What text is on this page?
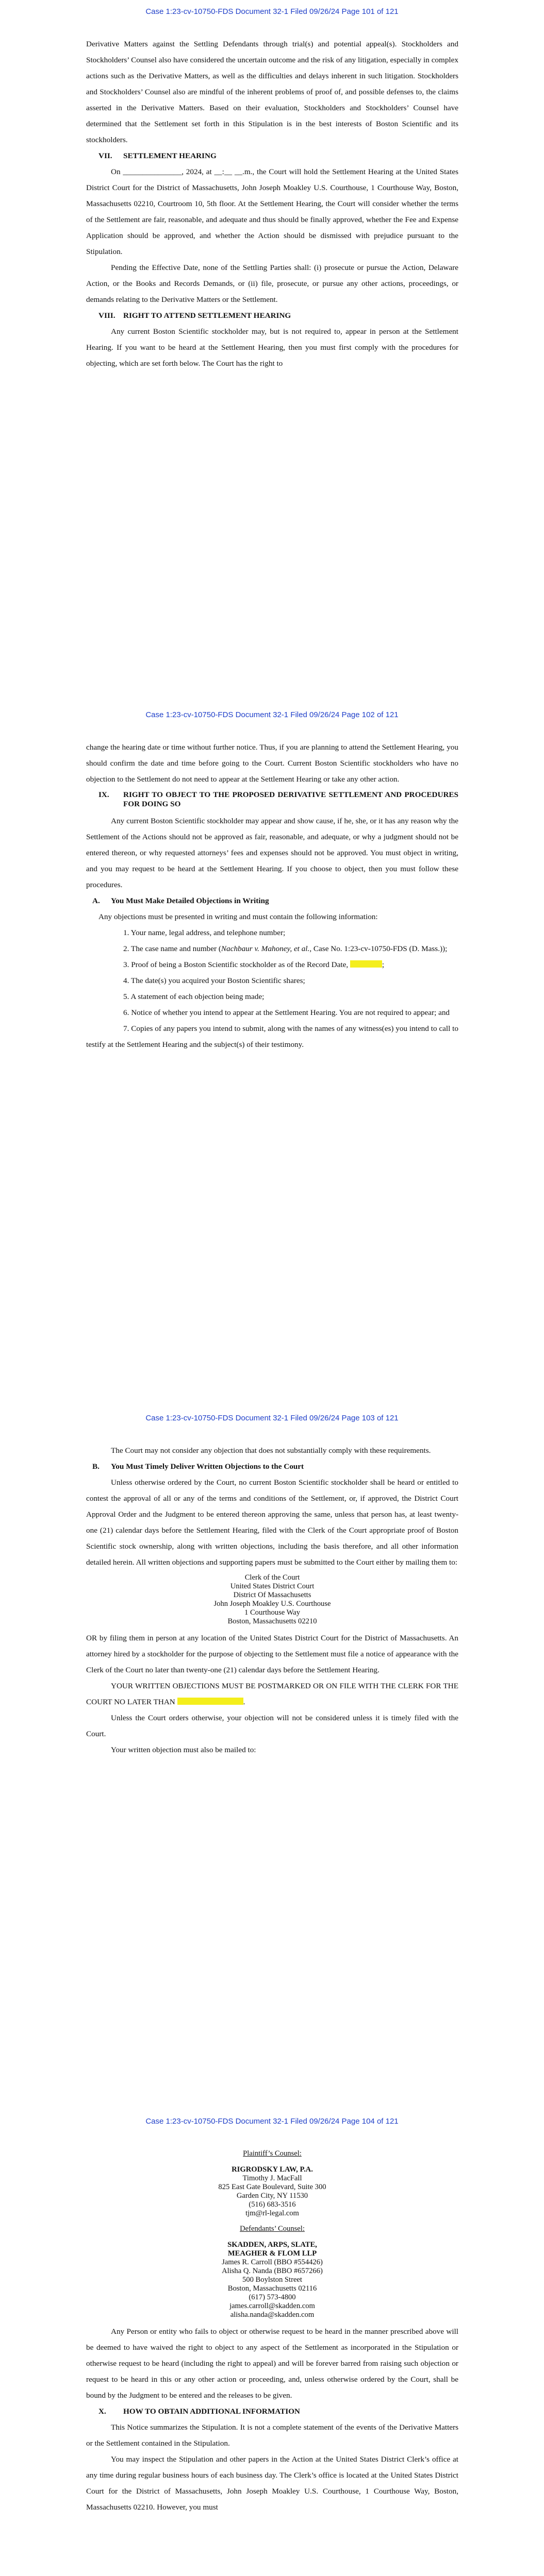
Case 1:23-cv-10750-FDS Document 32-1 Filed 09/26/24 Page 101 of 121

Derivative Matters against the Settling Defendants through trial(s) and potential appeal(s). Stockholders and Stockholders’ Counsel also have considered the uncertain outcome and the risk of any litigation, especially in complex actions such as the Derivative Matters, as well as the difficulties and delays inherent in such litigation. Stockholders and Stockholders’ Counsel also are mindful of the inherent problems of proof of, and possible defenses to, the claims asserted in the Derivative Matters. Based on their evaluation, Stockholders and Stockholders’ Counsel have determined that the Settlement set forth in this Stipulation is in the best interests of Boston Scientific and its stockholders.

VII. SETTLEMENT HEARING

On _______________, 2024, at __:__ __.m., the Court will hold the Settlement Hearing at the United States District Court for the District of Massachusetts, John Joseph Moakley U.S. Courthouse, 1 Courthouse Way, Boston, Massachusetts 02210, Courtroom 10, 5th floor. At the Settlement Hearing, the Court will consider whether the terms of the Settlement are fair, reasonable, and adequate and thus should be finally approved, whether the Fee and Expense Application should be approved, and whether the Action should be dismissed with prejudice pursuant to the Stipulation.

Pending the Effective Date, none of the Settling Parties shall: (i) prosecute or pursue the Action, Delaware Action, or the Books and Records Demands, or (ii) file, prosecute, or pursue any other actions, proceedings, or demands relating to the Derivative Matters or the Settlement.

VIII. RIGHT TO ATTEND SETTLEMENT HEARING

Any current Boston Scientific stockholder may, but is not required to, appear in person at the Settlement Hearing. If you want to be heard at the Settlement Hearing, then you must first comply with the procedures for objecting, which are set forth below. The Court has the right to

Case 1:23-cv-10750-FDS Document 32-1 Filed 09/26/24 Page 102 of 121

change the hearing date or time without further notice. Thus, if you are planning to attend the Settlement Hearing, you should confirm the date and time before going to the Court. Current Boston Scientific stockholders who have no objection to the Settlement do not need to appear at the Settlement Hearing or take any other action.

IX. RIGHT TO OBJECT TO THE PROPOSED DERIVATIVE SETTLEMENT AND PROCEDURES FOR DOING SO

Any current Boston Scientific stockholder may appear and show cause, if he, she, or it has any reason why the Settlement of the Actions should not be approved as fair, reasonable, and adequate, or why a judgment should not be entered thereon, or why requested attorneys’ fees and expenses should not be approved. You must object in writing, and you may request to be heard at the Settlement Hearing. If you choose to object, then you must follow these procedures.

A. You Must Make Detailed Objections in Writing

Any objections must be presented in writing and must contain the following information:

1. Your name, legal address, and telephone number;

2. The case name and number (Nachbaur v. Mahoney, et al., Case No. 1:23-cv-10750-FDS (D. Mass.));

3. Proof of being a Boston Scientific stockholder as of the Record Date,	;

4. The date(s) you acquired your Boston Scientific shares;

5. A statement of each objection being made;

6. Notice of whether you intend to appear at the Settlement Hearing. You are not required to appear; and

7. Copies of any papers you intend to submit, along with the names of any witness(es) you intend to call to testify at the Settlement Hearing and the subject(s) of their testimony.

Case 1:23-cv-10750-FDS Document 32-1 Filed 09/26/24 Page 103 of 121

The Court may not consider any objection that does not substantially comply with these requirements.

B. You Must Timely Deliver Written Objections to the Court

Unless otherwise ordered by the Court, no current Boston Scientific stockholder shall be heard or entitled to contest the approval of all or any of the terms and conditions of the Settlement, or, if approved, the District Court Approval Order and the Judgment to be entered thereon approving the same, unless that person has, at least twenty-one (21) calendar days before the Settlement Hearing, filed with the Clerk of the Court appropriate proof of Boston Scientific stock ownership, along with written objections, including the basis therefore, and all other information detailed herein. All written objections and supporting papers must be submitted to the Court either by mailing them to:

Clerk of the Court
United States District Court
District Of Massachusetts
John Joseph Moakley U.S. Courthouse
1 Courthouse Way
Boston, Massachusetts 02210

OR by filing them in person at any location of the United States District Court for the District of Massachusetts. An attorney hired by a stockholder for the purpose of objecting to the Settlement must file a notice of appearance with the Clerk of the Court no later than twenty-one (21) calendar days before the Settlement Hearing.

YOUR WRITTEN OBJECTIONS MUST BE POSTMARKED OR ON FILE WITH THE CLERK FOR THE COURT NO LATER THAN	.

Unless the Court orders otherwise, your objection will not be considered unless it is timely filed with the Court.

Your written objection must also be mailed to:

Case 1:23-cv-10750-FDS Document 32-1 Filed 09/26/24 Page 104 of 121
Plaintiff’s Counsel:
RIGRODSKY LAW, P.A.
Timothy J. MacFall
825 East Gate Boulevard, Suite 300
Garden City, NY 11530
(516) 683-3516
tjm@rl-legal.com
Defendants’ Counsel:
SKADDEN, ARPS, SLATE,
MEAGHER & FLOM LLP
James R. Carroll (BBO #554426)
Alisha Q. Nanda (BBO #657266)
500 Boylston Street
Boston, Massachusetts 02116
(617) 573-4800
james.carroll@skadden.com
alisha.nanda@skadden.com

Any Person or entity who fails to object or otherwise request to be heard in the manner prescribed above will be deemed to have waived the right to object to any aspect of the Settlement as incorporated in the Stipulation or otherwise request to be heard (including the right to appeal) and will be forever barred from raising such objection or request to be heard in this or any other action or proceeding, and, unless otherwise ordered by the Court, shall be bound by the Judgment to be entered and the releases to be given.

X. HOW TO OBTAIN ADDITIONAL INFORMATION

This Notice summarizes the Stipulation. It is not a complete statement of the events of the Derivative Matters or the Settlement contained in the Stipulation.

You may inspect the Stipulation and other papers in the Action at the United States District Clerk’s office at any time during regular business hours of each business day. The Clerk’s office is located at the United States District Court for the District of Massachusetts, John Joseph Moakley U.S. Courthouse, 1 Courthouse Way, Boston, Massachusetts 02210. However, you must
